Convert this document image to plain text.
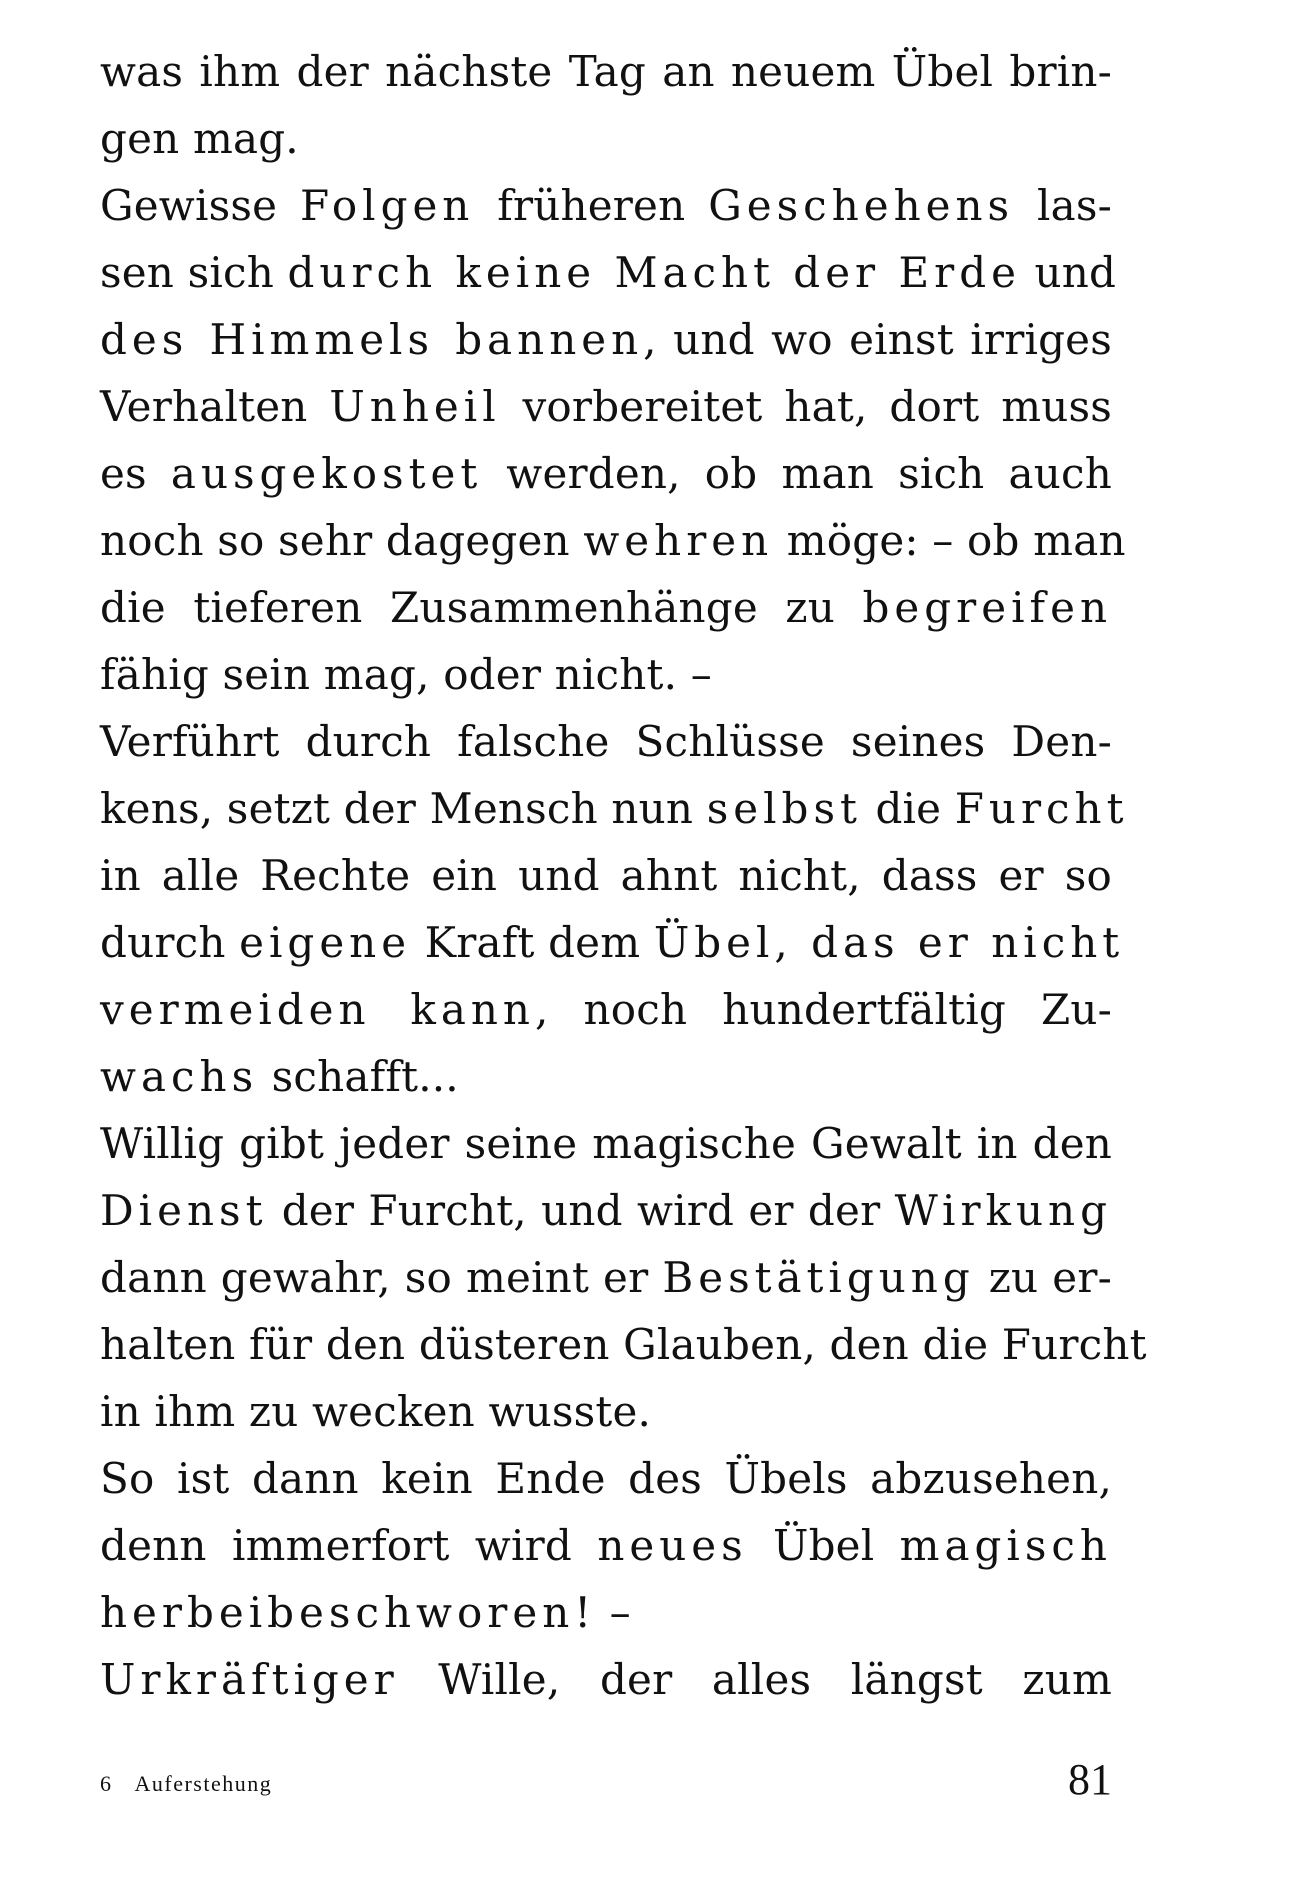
was ihm der nächste Tag an neuem Übel brin-
gen mag.
Gewisse Folgen früheren Geschehens las-
sen sich durch keine Macht der Erde und
des Himmels bannen, und wo einst irriges
Verhalten Unheil vorbereitet hat, dort muss
es ausgekostet werden, ob man sich auch
noch so sehr dagegen wehren möge: – ob man
die tieferen Zusammenhänge zu begreifen
fähig sein mag, oder nicht. –
Verführt durch falsche Schlüsse seines Den-
kens, setzt der Mensch nun selbst die Furcht
in alle Rechte ein und ahnt nicht, dass er so
durch eigene Kraft dem Übel, das er nicht
vermeiden kann, noch hundertfältig Zu-
wachs schafft...
Willig gibt jeder seine magische Gewalt in den
Dienst der Furcht, und wird er der Wirkung
dann gewahr, so meint er Bestätigung zu er-
halten für den düsteren Glauben, den die Furcht
in ihm zu wecken wusste.
So ist dann kein Ende des Übels abzusehen,
denn immerfort wird neues Übel magisch
herbeibeschworen! –
Urkräftiger Wille, der alles längst zum
6 Auferstehung	81
